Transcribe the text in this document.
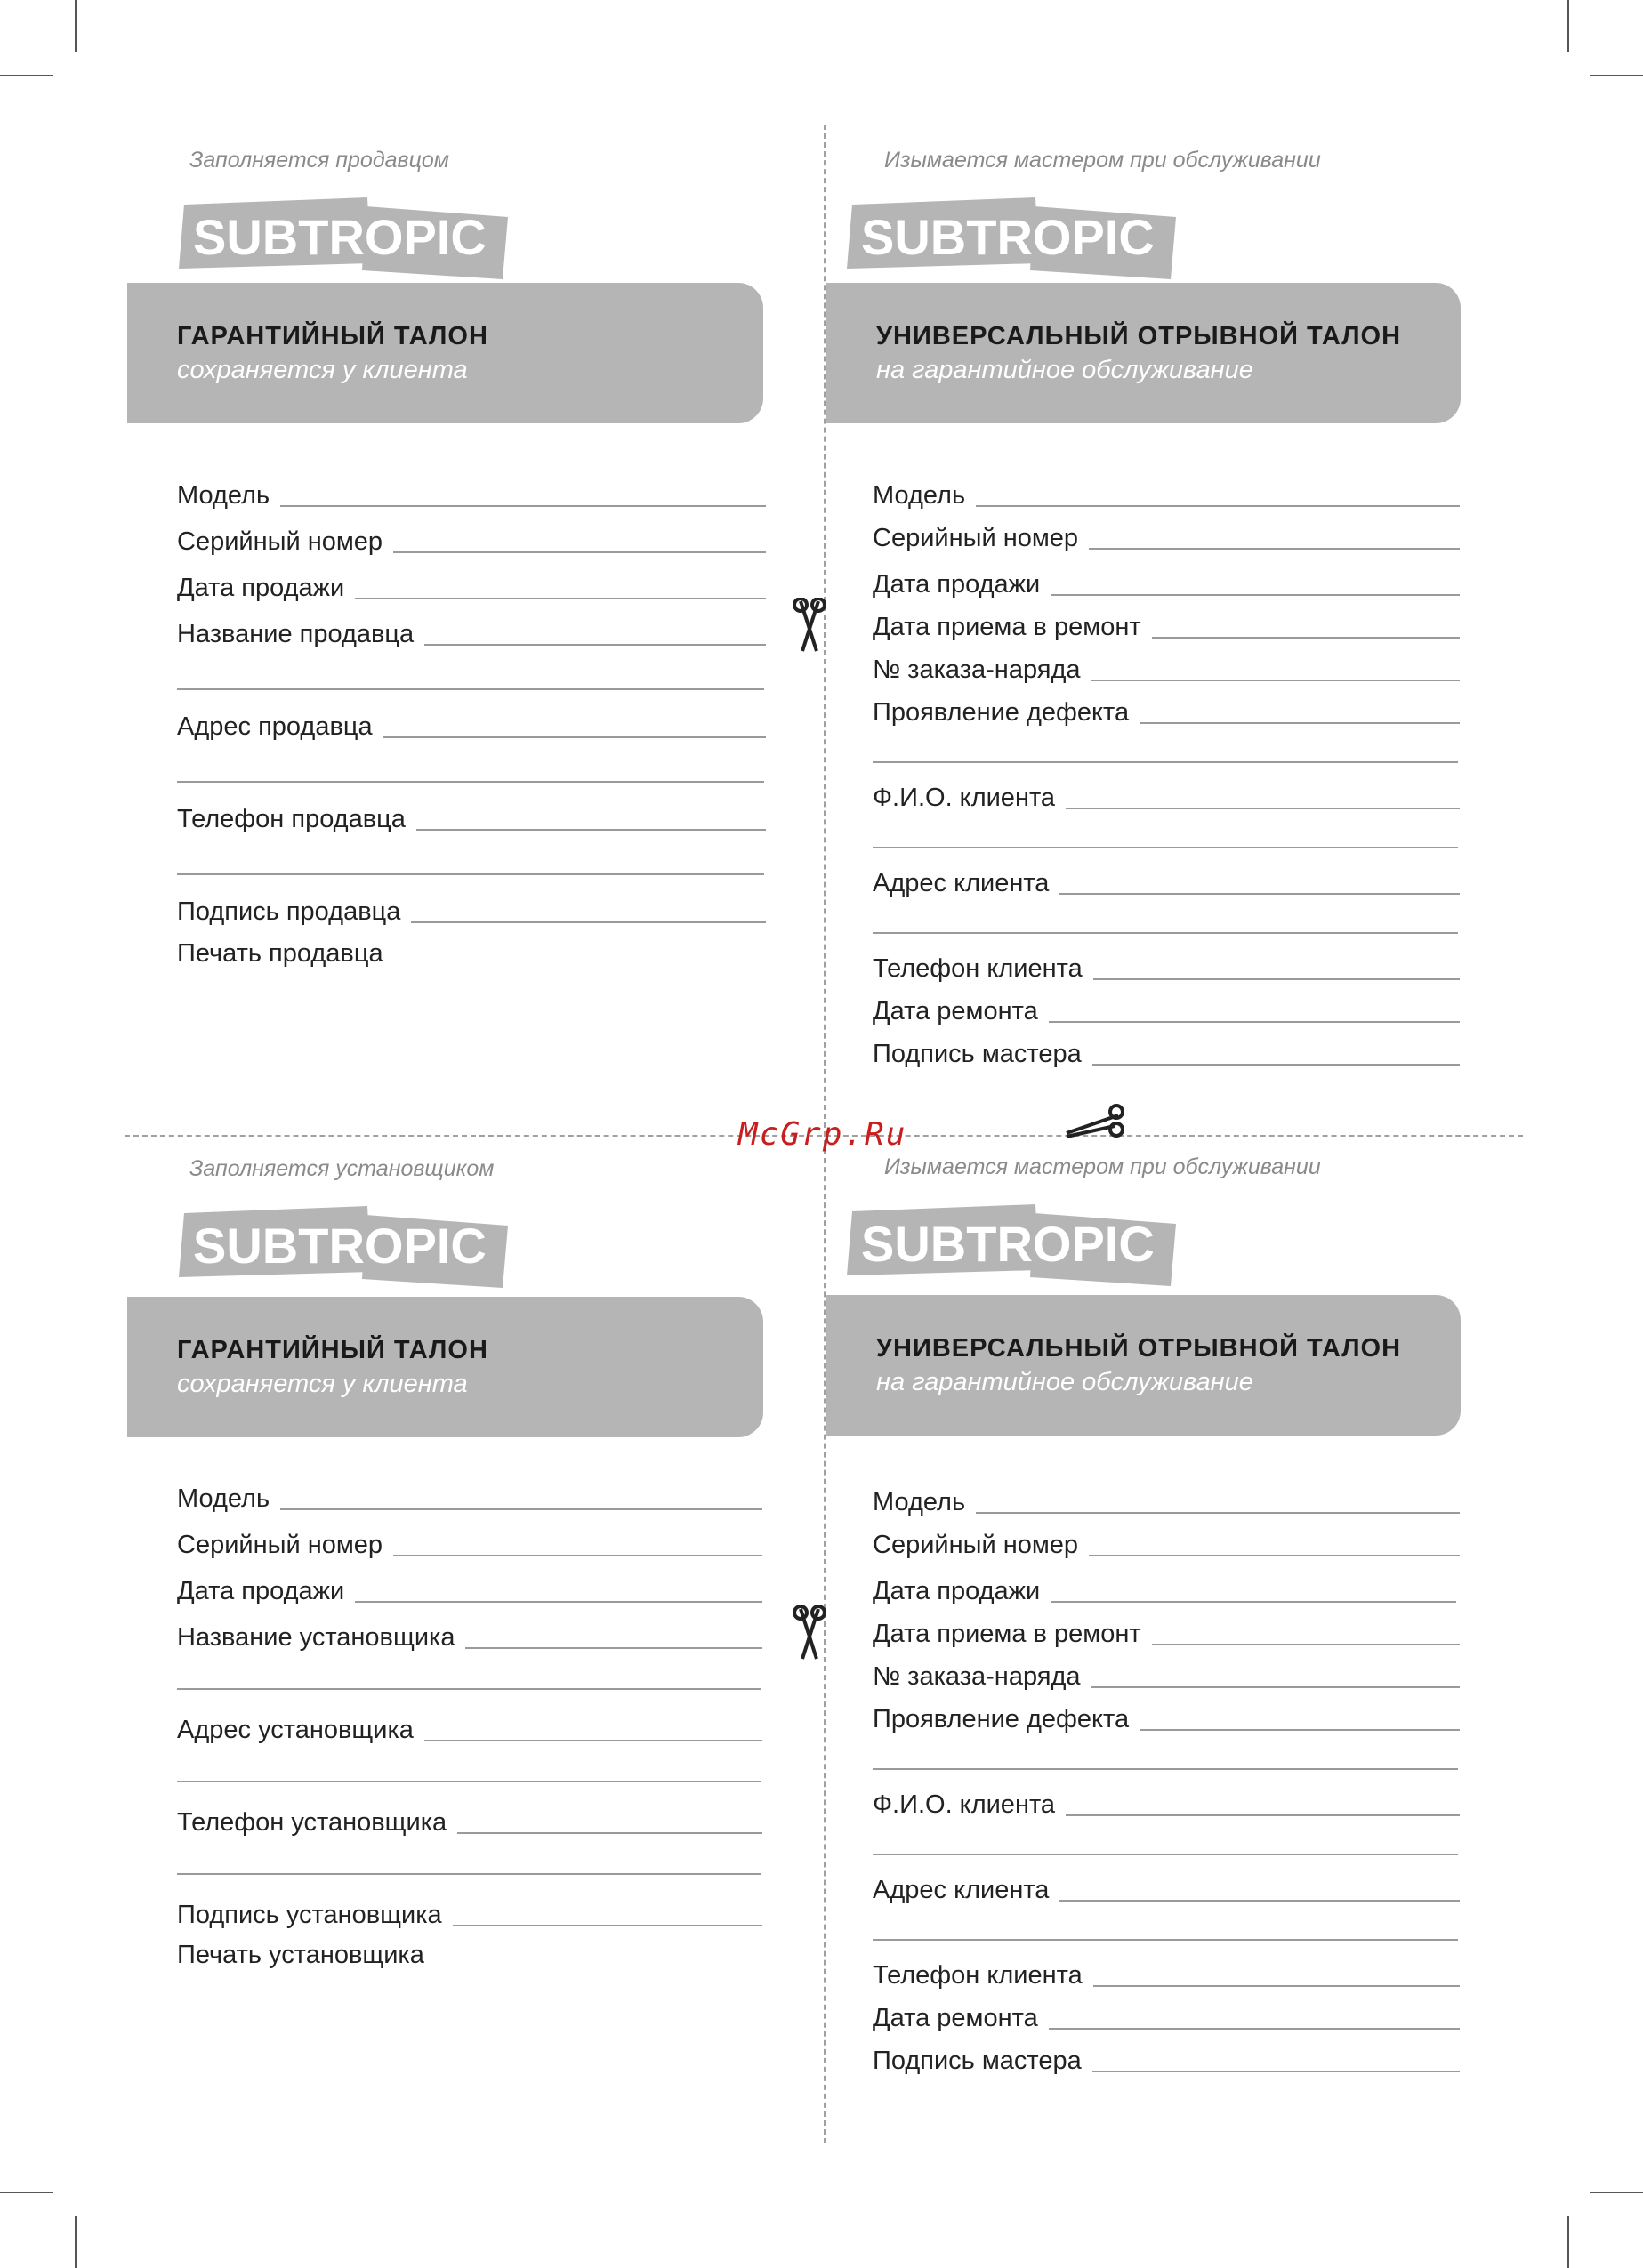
McGrp.Ru
Заполняется продавцом
SUBTROPIC
ГАРАНТИЙНЫЙ ТАЛОН
сохраняется у клиента
Модель
Серийный номер
Дата продажи
Название продавца
Адрес продавца
Телефон продавца
Подпись продавца
Печать продавца
Изымается мастером при обслуживании
SUBTROPIC
УНИВЕРСАЛЬНЫЙ ОТРЫВНОЙ ТАЛОН
на гарантийное обслуживание
Модель
Серийный номер
Дата продажи
Дата приема в ремонт
№ заказа-наряда
Проявление дефекта
Ф.И.О. клиента
Адрес клиента
Телефон клиента
Дата ремонта
Подпись мастера
Заполняется установщиком
SUBTROPIC
ГАРАНТИЙНЫЙ ТАЛОН
сохраняется у клиента
Модель
Серийный номер
Дата продажи
Название установщика
Адрес установщика
Телефон установщика
Подпись установщика
Печать установщика
Изымается мастером при обслуживании
SUBTROPIC
УНИВЕРСАЛЬНЫЙ ОТРЫВНОЙ ТАЛОН
на гарантийное обслуживание
Модель
Серийный номер
Дата продажи
Дата приема в ремонт
№ заказа-наряда
Проявление дефекта
Ф.И.О. клиента
Адрес клиента
Телефон клиента
Дата ремонта
Подпись мастера
